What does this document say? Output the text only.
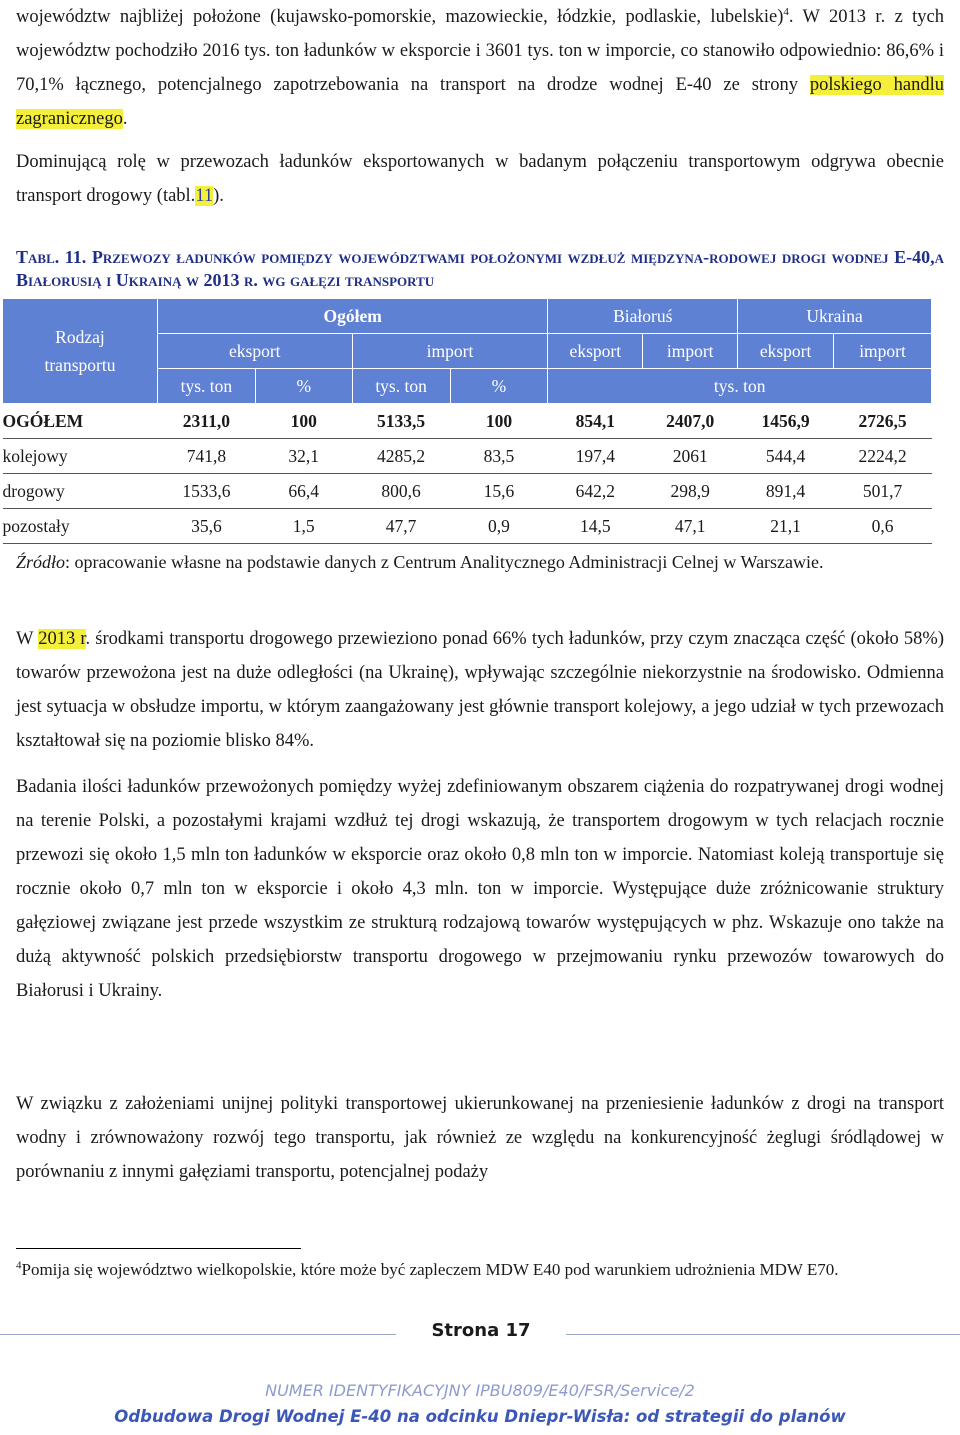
województw najbliżej położone (kujawsko-pomorskie, mazowieckie, łódzkie, podlaskie, lubelskie)$^4$. W 2013 r. z tych województw pochodziło 2016 tys. ton ładunków w eksporcie i 3601 tys. ton w imporcie, co stanowiło odpowiednio: 86,6% i 70,1% łącznego, potencjalnego zapotrzebowania na transport na drodze wodnej E-40 ze strony polskiego handlu zagranicznego.

Dominującą rolę w przewozach ładunków eksportowanych w badanym połączeniu transportowym odgrywa obecnie transport drogowy (tabl.11).

Tabl. 11. Przewozy ładunków pomiędzy województwami położonymi wzdłuż międzyna-rodowej drogi wodnej E-40,a Białorusią i Ukrainą w 2013 r. wg gałęzi transportu
Rodzaj transportu	Ogółem				Białoruś		Ukraina	
	eksport		import		eksport	import	eksport	import
	tys. ton	%	tys. ton	%	tys. ton			
OGÓŁEM	2311,0	100	5133,5	100	854,1	2407,0	1456,9	2726,5
kolejowy	741,8	32,1	4285,2	83,5	197,4	2061	544,4	2224,2
drogowy	1533,6	66,4	800,6	15,6	642,2	298,9	891,4	501,7
pozostały	35,6	1,5	47,7	0,9	14,5	47,1	21,1	0,6
Źródło: opracowanie własne na podstawie danych z Centrum Analitycznego Administracji Celnej w Warszawie.

W 2013 r. środkami transportu drogowego przewieziono ponad 66% tych ładunków, przy czym znacząca część (około 58%) towarów przewożona jest na duże odległości (na Ukrainę), wpływając szczególnie niekorzystnie na środowisko. Odmienna jest sytuacja w obsłudze importu, w którym zaangażowany jest głównie transport kolejowy, a jego udział w tych przewozach kształtował się na poziomie blisko 84%.

Badania ilości ładunków przewożonych pomiędzy wyżej zdefiniowanym obszarem ciążenia do rozpatrywanej drogi wodnej na terenie Polski, a pozostałymi krajami wzdłuż tej drogi wskazują, że transportem drogowym w tych relacjach rocznie przewozi się około 1,5 mln ton ładunków w eksporcie oraz około 0,8 mln ton w imporcie. Natomiast koleją transportuje się rocznie około 0,7 mln ton w eksporcie i około 4,3 mln. ton w imporcie. Występujące duże zróżnicowanie struktury gałęziowej związane jest przede wszystkim ze strukturą rodzajową towarów występujących w phz. Wskazuje ono także na dużą aktywność polskich przedsiębiorstw transportu drogowego w przejmowaniu rynku przewozów towarowych do Białorusi i Ukrainy.

W związku z założeniami unijnej polityki transportowej ukierunkowanej na przeniesienie ładunków z drogi na transport wodny i zrównoważony rozwój tego transportu, jak również ze względu na konkurencyjność żeglugi śródlądowej w porównaniu z innymi gałęziami transportu, potencjalnej podaży

$^4$Pomija się województwo wielkopolskie, które może być zapleczem MDW E40 pod warunkiem udrożnienia MDW E70.
Strona 17
NUMER IDENTYFIKACYJNY IPBU809/E40/FSR/Service/2
Odbudowa Drogi Wodnej E-40 na odcinku Dniepr-Wisła: od strategii do planów
